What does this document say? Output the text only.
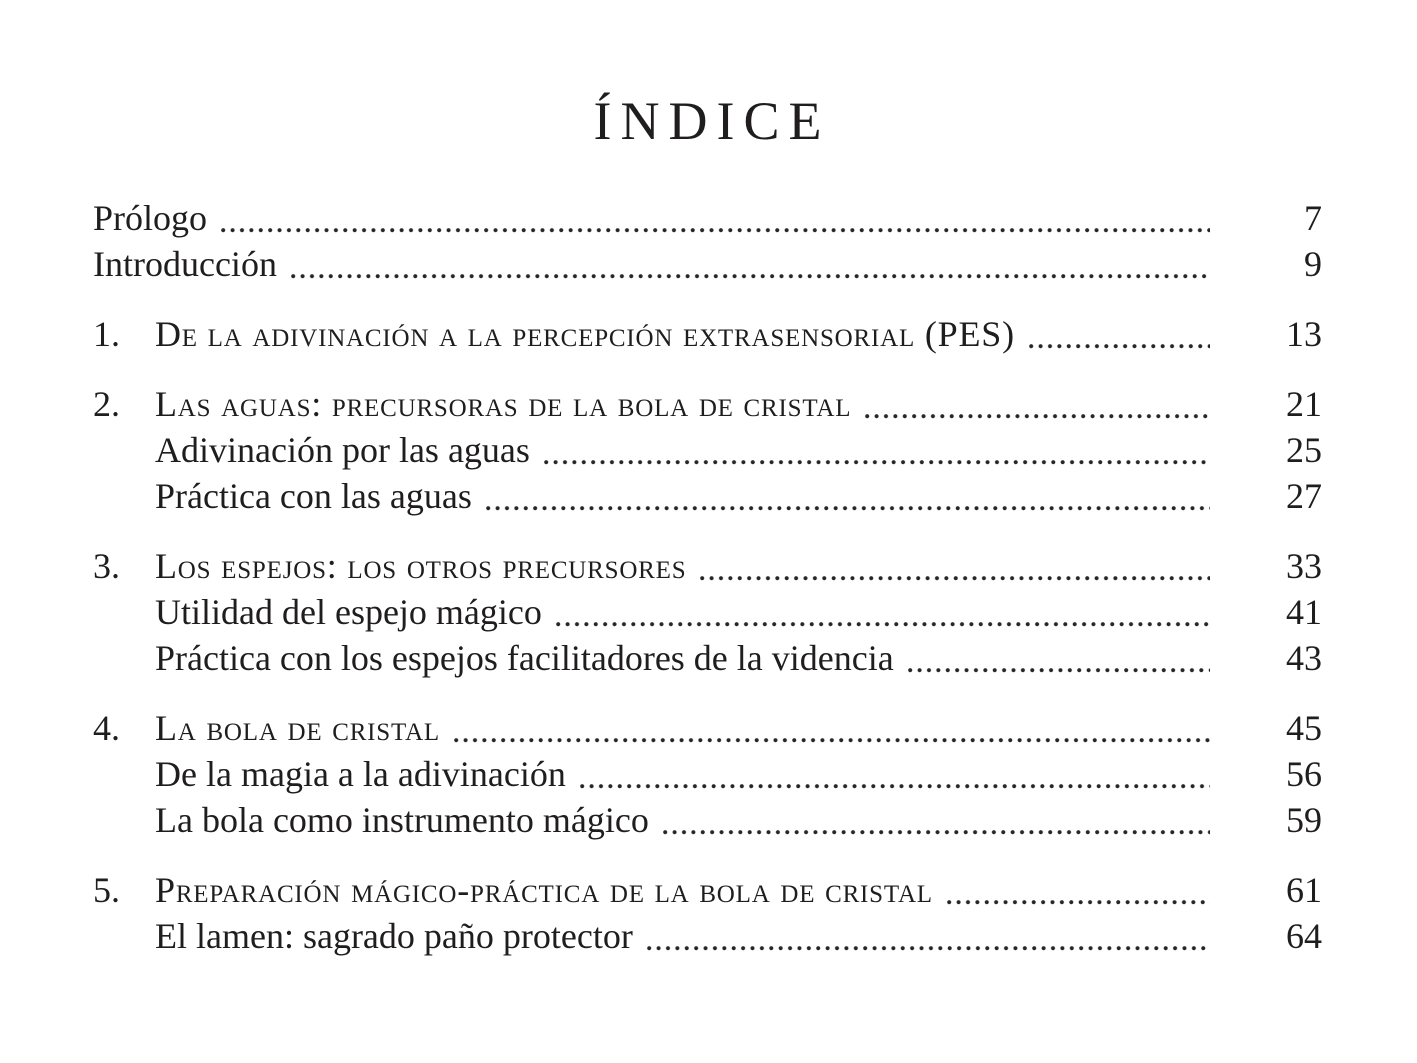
ÍNDICE
Prólogo	7
Introducción	9
1. De la adivinación a la percepción extrasensorial (PES)	13
2. Las aguas: precursoras de la bola de cristal	21
Adivinación por las aguas	25
Práctica con las aguas	27
3. Los espejos: los otros precursores	33
Utilidad del espejo mágico	41
Práctica con los espejos facilitadores de la videncia	43
4. La bola de cristal	45
De la magia a la adivinación	56
La bola como instrumento mágico	59
5. Preparación mágico-práctica de la bola de cristal	61
El lamen: sagrado paño protector	64
